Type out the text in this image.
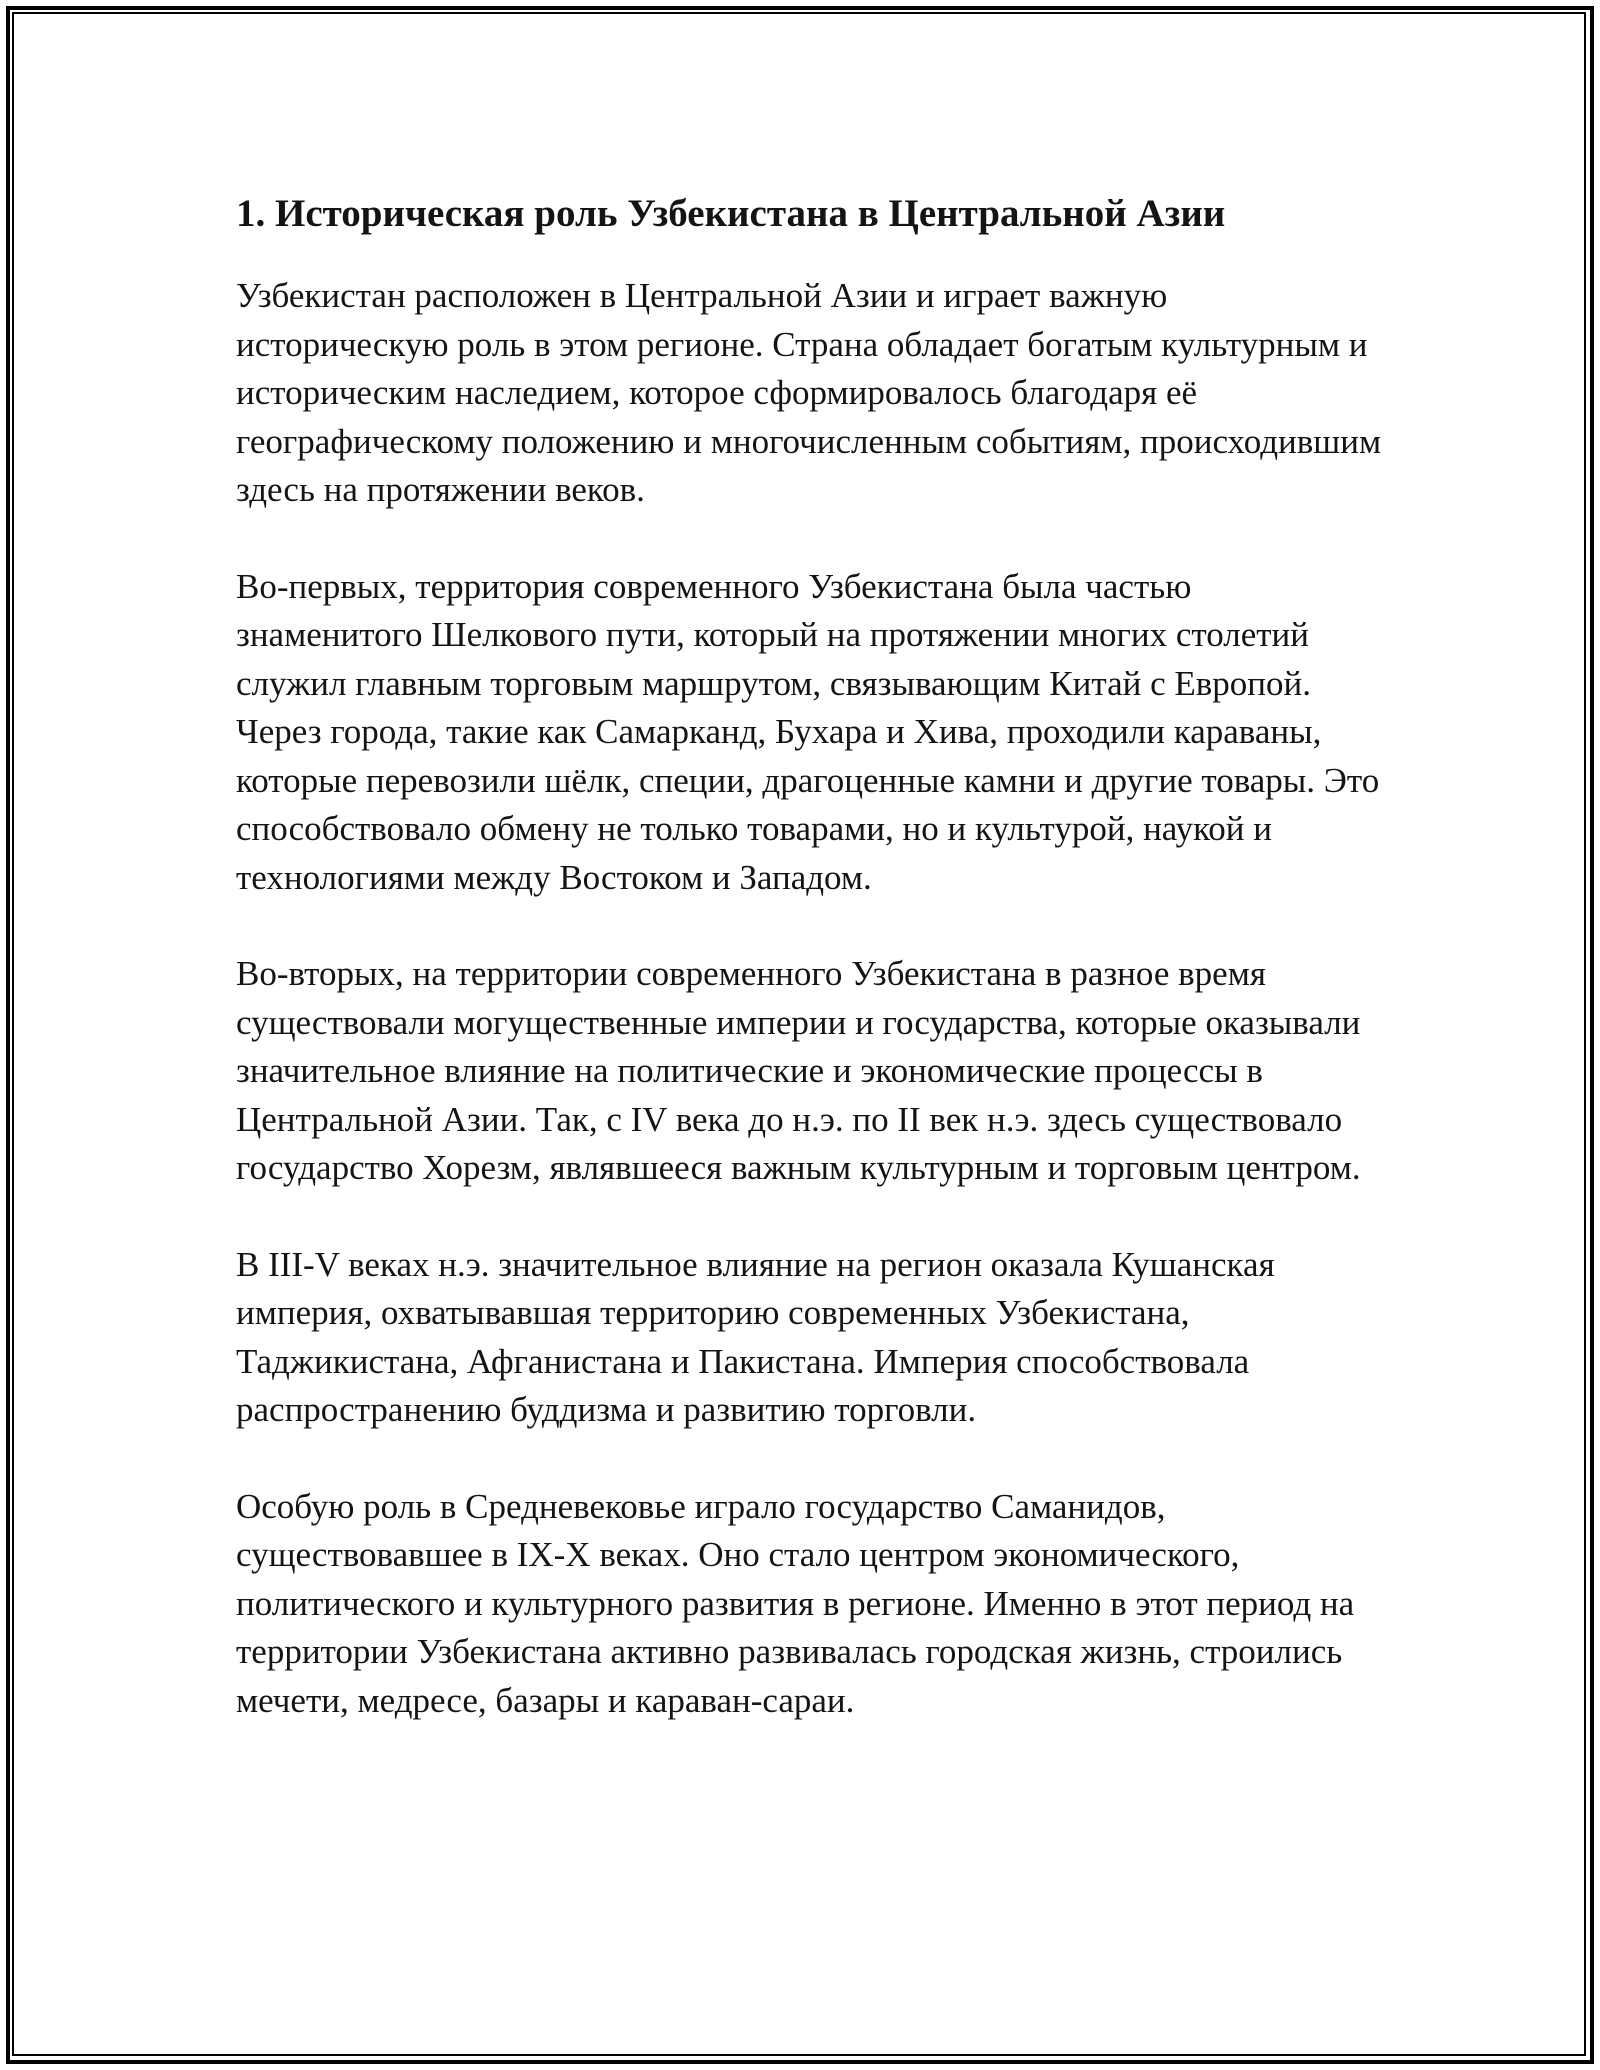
1. Историческая роль Узбекистана в Центральной Азии

Узбекистан расположен в Центральной Азии и играет важную историческую роль в этом регионе. Страна обладает богатым культурным и историческим наследием, которое сформировалось благодаря её географическому положению и многочисленным событиям, происходившим здесь на протяжении веков.

Во-первых, территория современного Узбекистана была частью знаменитого Шелкового пути, который на протяжении многих столетий служил главным торговым маршрутом, связывающим Китай с Европой. Через города, такие как Самарканд, Бухара и Хива, проходили караваны, которые перевозили шёлк, специи, драгоценные камни и другие товары. Это способствовало обмену не только товарами, но и культурой, наукой и технологиями между Востоком и Западом.

Во-вторых, на территории современного Узбекистана в разное время существовали могущественные империи и государства, которые оказывали значительное влияние на политические и экономические процессы в Центральной Азии. Так, с IV века до н.э. по II век н.э. здесь существовало государство Хорезм, являвшееся важным культурным и торговым центром.

В III-V веках н.э. значительное влияние на регион оказала Кушанская империя, охватывавшая территорию современных Узбекистана, Таджикистана, Афганистана и Пакистана. Империя способствовала распространению буддизма и развитию торговли.

Особую роль в Средневековье играло государство Саманидов, существовавшее в IX-X веках. Оно стало центром экономического, политического и культурного развития в регионе. Именно в этот период на территории Узбекистана активно развивалась городская жизнь, строились мечети, медресе, базары и караван-сараи.
